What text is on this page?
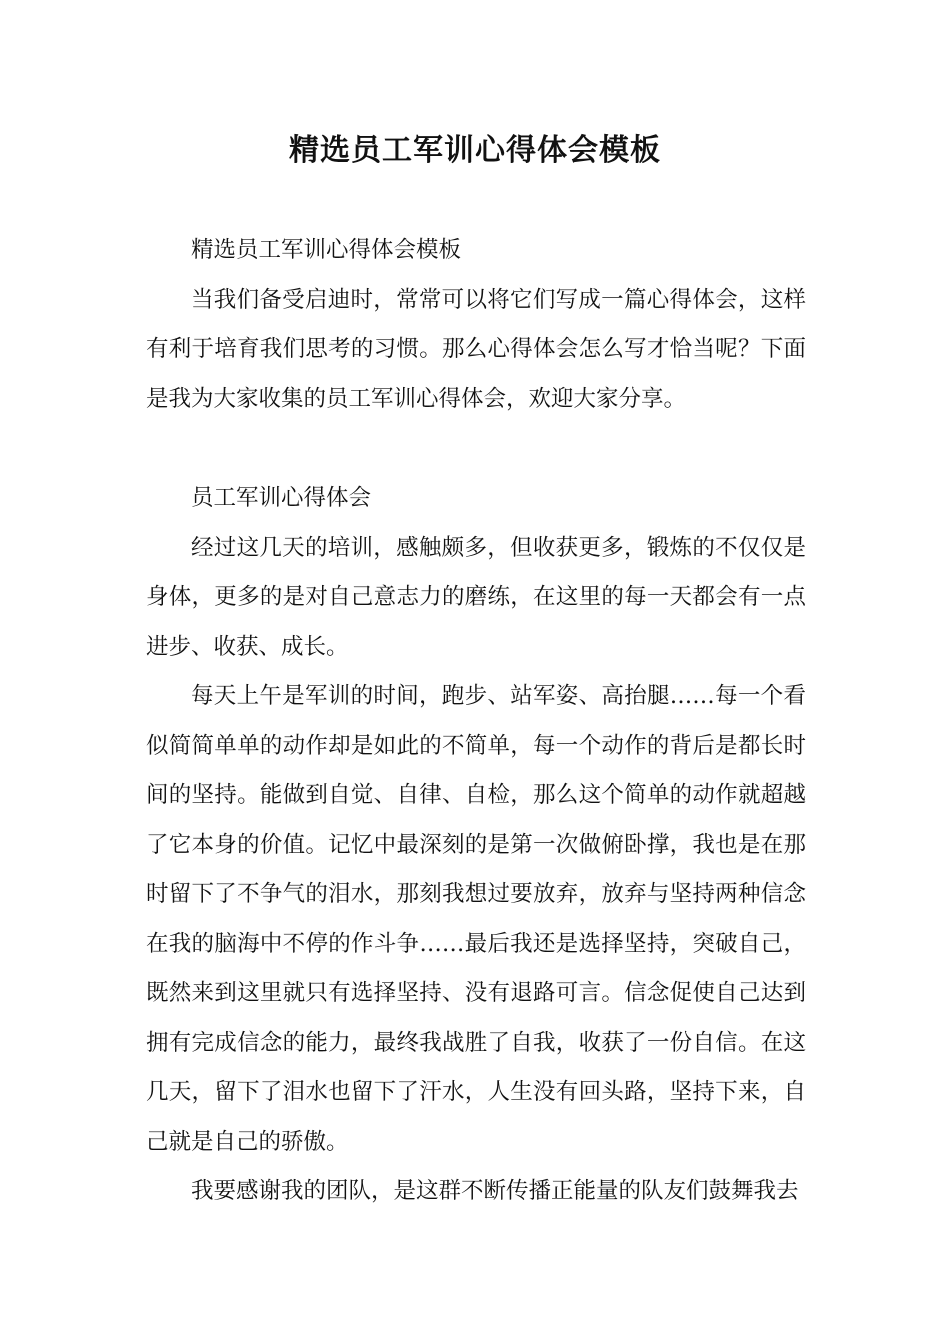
精选员工军训心得体会模板

精选员工军训心得体会模板

当我们备受启迪时，常常可以将它们写成一篇心得体会，这样有利于培育我们思考的习惯。那么心得体会怎么写才恰当呢？下面是我为大家收集的员工军训心得体会，欢迎大家分享。

员工军训心得体会

经过这几天的培训，感触颇多，但收获更多，锻炼的不仅仅是身体，更多的是对自己意志力的磨练，在这里的每一天都会有一点进步、收获、成长。

每天上午是军训的时间，跑步、站军姿、高抬腿……每一个看似简简单单的动作却是如此的不简单，每一个动作的背后是都长时间的坚持。能做到自觉、自律、自检，那么这个简单的动作就超越了它本身的价值。记忆中最深刻的是第一次做俯卧撑，我也是在那时留下了不争气的泪水，那刻我想过要放弃，放弃与坚持两种信念在我的脑海中不停的作斗争……最后我还是选择坚持，突破自己，既然来到这里就只有选择坚持、没有退路可言。信念促使自己达到拥有完成信念的能力，最终我战胜了自我，收获了一份自信。在这几天，留下了泪水也留下了汗水，人生没有回头路，坚持下来，自己就是自己的骄傲。

我要感谢我的团队，是这群不断传播正能量的队友们鼓舞我去
